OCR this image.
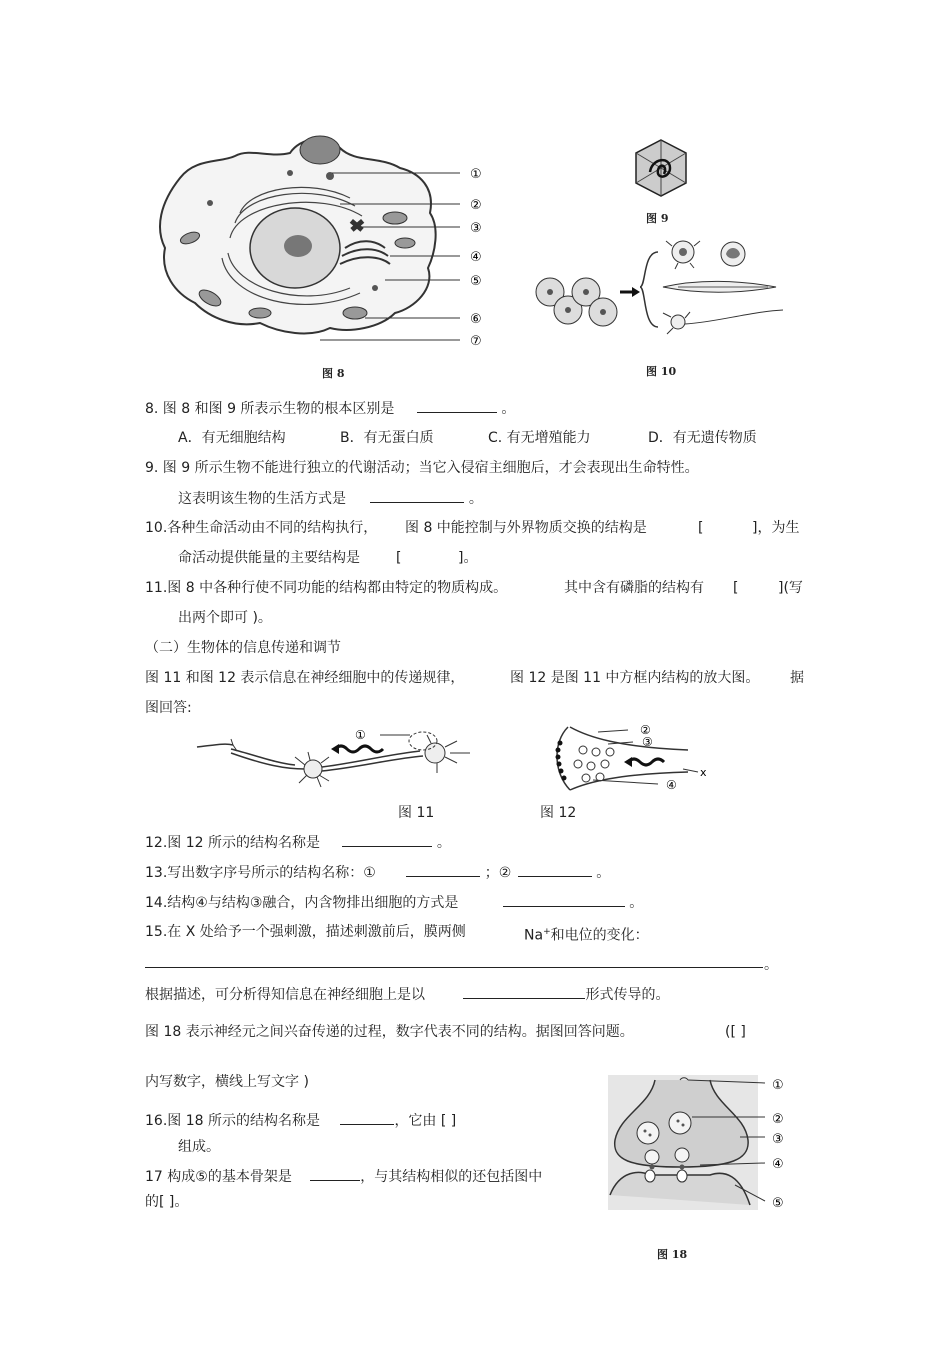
①
②
③
④
⑤
⑥
⑦
图 8
图 9
图 10
8. 图 8 和图 9 所表示生物的根本区别是	。
A．有无细胞结构	B．有无蛋白质	C. 有无增殖能力	D．有无遗传物质
9. 图 9 所示生物不能进行独立的代谢活动；当它入侵宿主细胞后，才会表现出生命特性。
这表明该生物的生活方式是	。
10.各种生命活动由不同的结构执行， 图 8 中能控制与外界物质交换的结构是	[	]，为生
命活动提供能量的主要结构是	[	]。
11.图 8 中各种行使不同功能的结构都由特定的物质构成。	其中含有磷脂的结构有 [	](写
出两个即可 )。
（二）生物体的信息传递和调节
图 11 和图 12 表示信息在神经细胞中的传递规律，	图 12 是图 11 中方框内结构的放大图。 据
图回答:
①
图 11
x
②
③
④
图 12
12.图 12 所示的结构名称是	。
13.写出数字序号所示的结构名称：①	；②	。
14.结构④与结构③融合，内含物排出细胞的方式是	。
15.在 X 处给予一个强刺激，描述刺激前后，膜两侧	Na+和电位的变化：
。
根据描述，可分析得知信息在神经细胞上是以	形式传导的。
图 18 表示神经元之间兴奋传递的过程，数字代表不同的结构。据图回答问题。	([ ]
内写数字，横线上写文字 )
16.图 18 所示的结构名称是	，它由 [ ]
组成。
17 构成⑤的基本骨架是	，与其结构相似的还包括图中
的[ ]。
①
②
③
④
⑤
图 18
